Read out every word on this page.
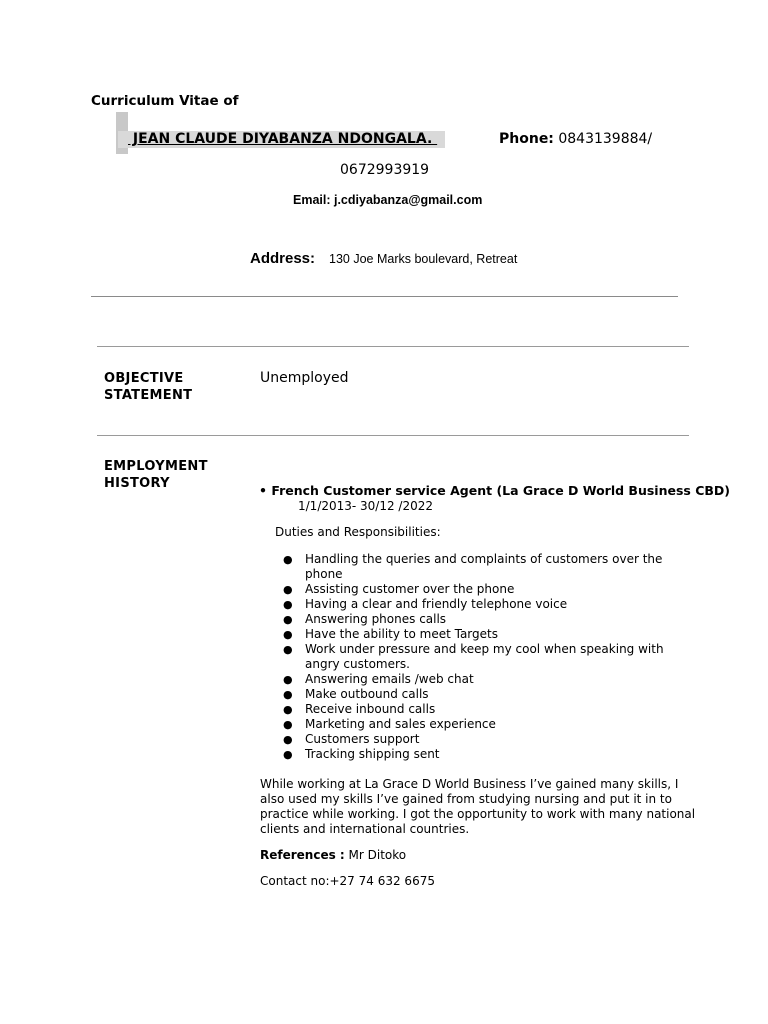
Curriculum Vitae of
JEAN CLAUDE DIYABANZA NDONGALA.	Phone: 0843139884/
0672993919
Email: j.cdiyabanza@gmail.com
Address: 130 Joe Marks boulevard, Retreat
OBJECTIVE
STATEMENT
Unemployed
EMPLOYMENT
HISTORY	• French Customer service Agent (La Grace D World Business CBD)
1/1/2013- 30/12 /2022
Duties and Responsibilities:
● Handling the queries and complaints of customers over the phone
● Assisting customer over the phone
● Having a clear and friendly telephone voice
● Answering phones calls
● Have the ability to meet Targets
● Work under pressure and keep my cool when speaking with angry customers.
● Answering emails /web chat
● Make outbound calls
● Receive inbound calls
● Marketing and sales experience
● Customers support
● Tracking shipping sent
While working at La Grace D World Business I’ve gained many skills, I also used my skills I’ve gained from studying nursing and put it in to practice while working. I got the opportunity to work with many national clients and international countries.
References : Mr Ditoko
Contact no:+27 74 632 6675
